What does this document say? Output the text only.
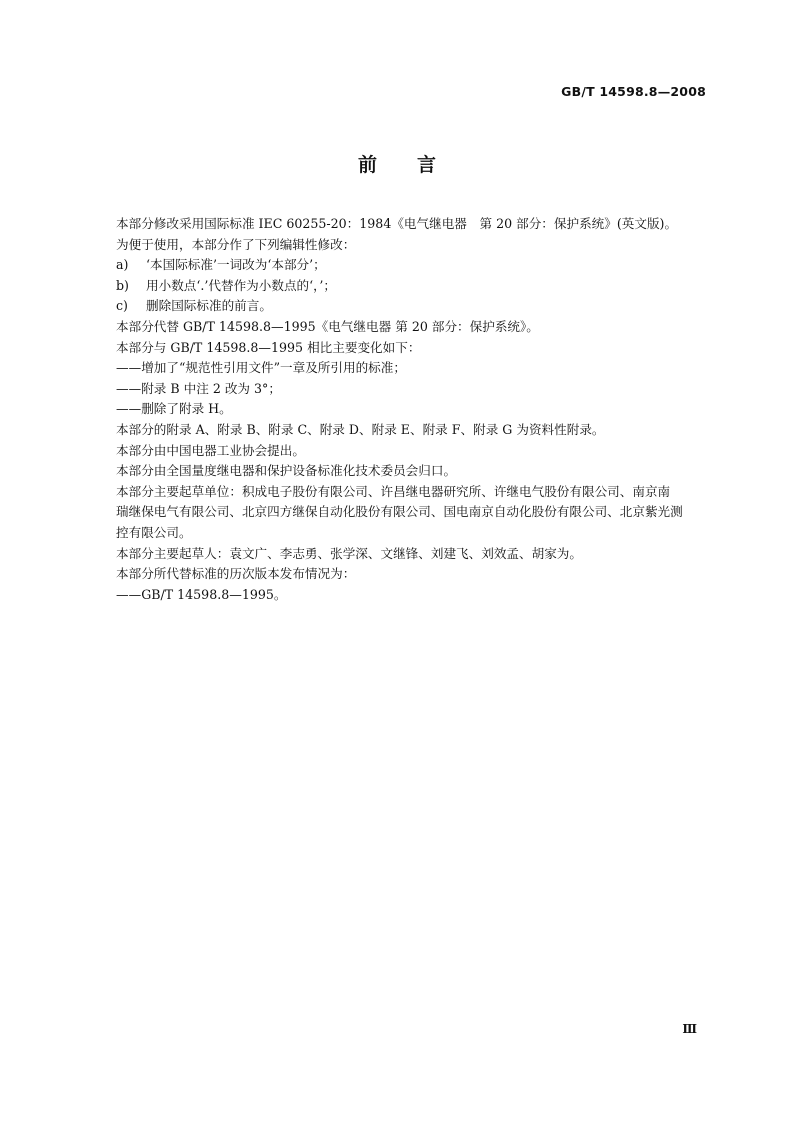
GB/T 14598.8—2008
前言

本部分修改采用国际标准 IEC 60255-20：1984《电气继电器　第 20 部分：保护系统》(英文版)。

为便于使用，本部分作了下列编辑性修改：

a)	‘本国际标准’一词改为‘本部分’；
b)	用小数点‘.’代替作为小数点的‘，’；
c)	删除国际标准的前言。

本部分代替 GB/T 14598.8—1995《电气继电器 第 20 部分：保护系统》。

本部分与 GB/T 14598.8—1995 相比主要变化如下：

——增加了“规范性引用文件”一章及所引用的标准；

——附录 B 中注 2 改为 3°；

——删除了附录 H。

本部分的附录 A、附录 B、附录 C、附录 D、附录 E、附录 F、附录 G 为资料性附录。

本部分由中国电器工业协会提出。

本部分由全国量度继电器和保护设备标准化技术委员会归口。

本部分主要起草单位：积成电子股份有限公司、许昌继电器研究所、许继电气股份有限公司、南京南

瑞继保电气有限公司、北京四方继保自动化股份有限公司、国电南京自动化股份有限公司、北京紫光测

控有限公司。

本部分主要起草人：袁文广、李志勇、张学深、文继锋、刘建飞、刘效孟、胡家为。

本部分所代替标准的历次版本发布情况为：

——GB/T 14598.8—1995。

Ⅲ
